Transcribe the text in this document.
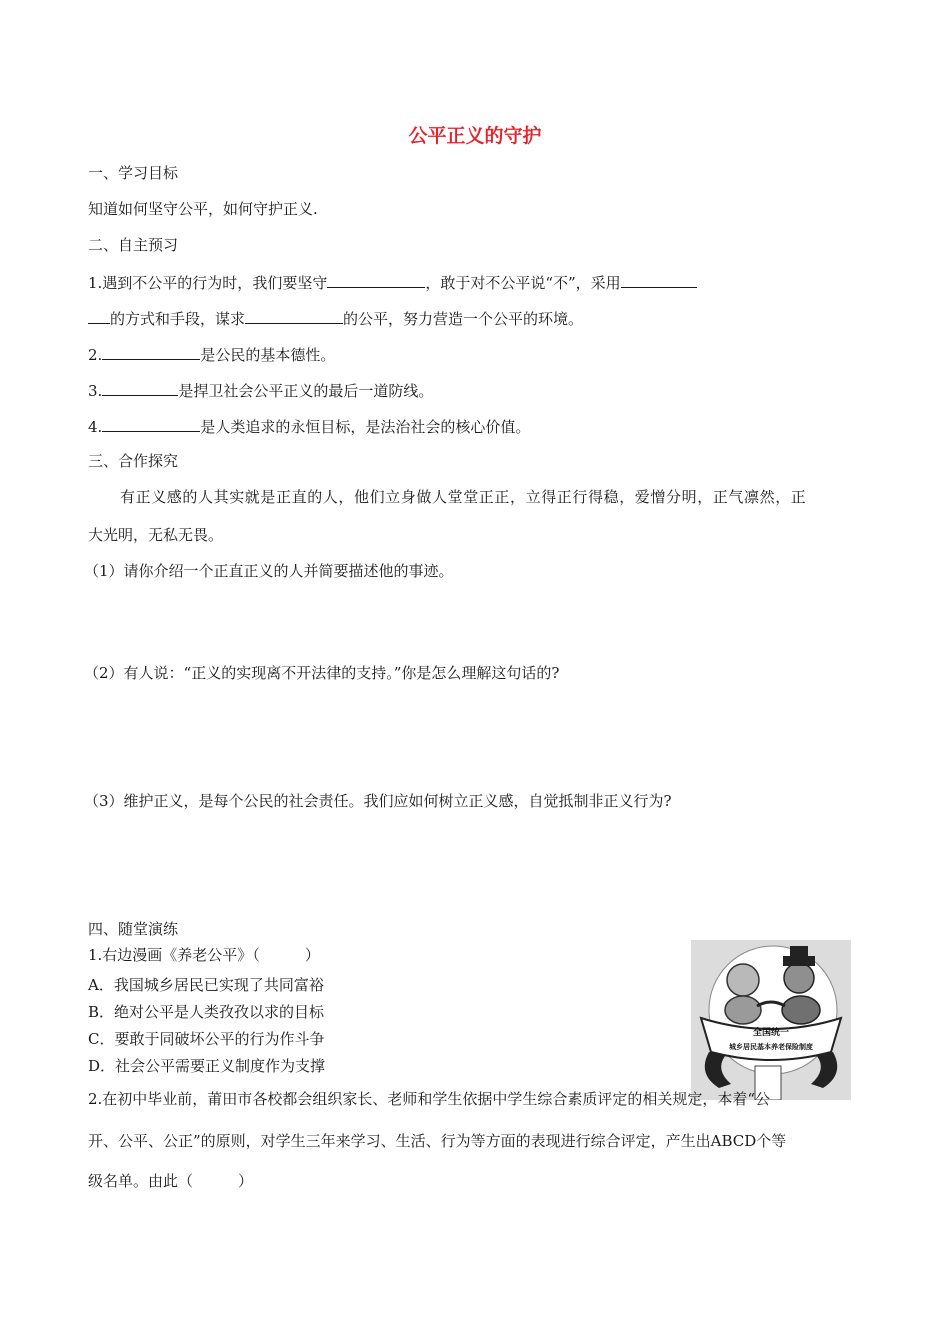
公平正义的守护
一、学习目标
知道如何坚守公平，如何守护正义.
二、自主预习
1.遇到不公平的行为时，我们要坚守	，敢于对不公平说“不”，采用
的方式和手段，谋求	的公平，努力营造一个公平的环境。
2.	是公民的基本德性。
3.	是捍卫社会公平正义的最后一道防线。
4.	是人类追求的永恒目标，是法治社会的核心价值。
三、合作探究
有正义感的人其实就是正直的人，他们立身做人堂堂正正，立得正行得稳，爱憎分明，正气凛然，正
大光明，无私无畏。
（1）请你介绍一个正直正义的人并简要描述他的事迹。
（2）有人说：“正义的实现离不开法律的支持。”你是怎么理解这句话的?
（3）维护正义，是每个公民的社会责任。我们应如何树立正义感，自觉抵制非正义行为?
四、随堂演练
1.右边漫画《养老公平》（　　　）
A．我国城乡居民已实现了共同富裕
B．绝对公平是人类孜孜以求的目标
C．要敢于同破坏公平的行为作斗争
D．社会公平需要正义制度作为支撑
全国统一
城乡居民基本养老保险制度
2.在初中毕业前，莆田市各校都会组织家长、老师和学生依据中学生综合素质评定的相关规定，本着“公
开、公平、公正”的原则，对学生三年来学习、生活、行为等方面的表现进行综合评定，产生出ABCD个等
级名单。由此（　　　）
